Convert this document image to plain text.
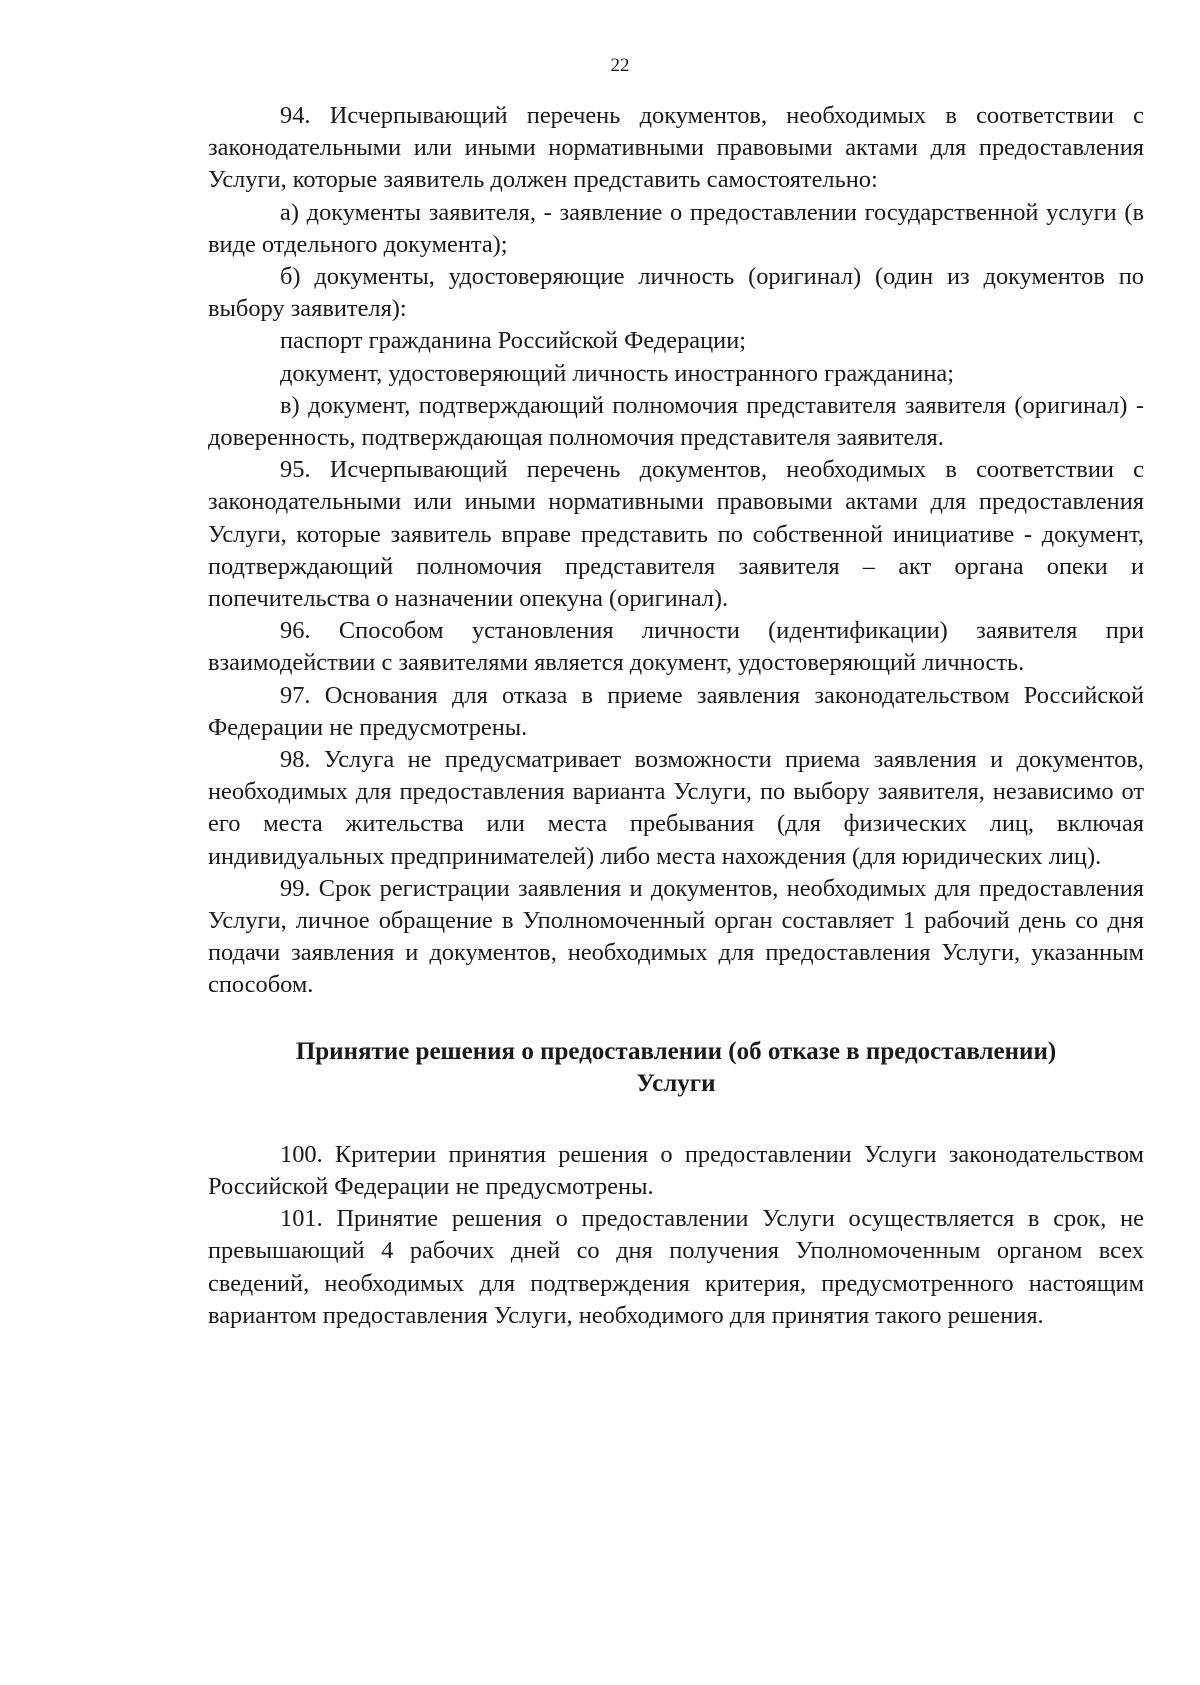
22

94. Исчерпывающий перечень документов, необходимых в соответствии с законодательными или иными нормативными правовыми актами для предоставления Услуги, которые заявитель должен представить самостоятельно:

а) документы заявителя, - заявление о предоставлении государственной услуги (в виде отдельного документа);

б) документы, удостоверяющие личность (оригинал) (один из документов по выбору заявителя):

паспорт гражданина Российской Федерации;

документ, удостоверяющий личность иностранного гражданина;

в) документ, подтверждающий полномочия представителя заявителя (оригинал) - доверенность, подтверждающая полномочия представителя заявителя.

95. Исчерпывающий перечень документов, необходимых в соответствии с законодательными или иными нормативными правовыми актами для предоставления Услуги, которые заявитель вправе представить по собственной инициативе - документ, подтверждающий полномочия представителя заявителя – акт органа опеки и попечительства о назначении опекуна (оригинал).

96. Способом установления личности (идентификации) заявителя при взаимодействии с заявителями является документ, удостоверяющий личность.

97. Основания для отказа в приеме заявления законодательством Российской Федерации не предусмотрены.

98. Услуга не предусматривает возможности приема заявления и документов, необходимых для предоставления варианта Услуги, по выбору заявителя, независимо от его места жительства или места пребывания (для физических лиц, включая индивидуальных предпринимателей) либо места нахождения (для юридических лиц).

99. Срок регистрации заявления и документов, необходимых для предоставления Услуги, личное обращение в Уполномоченный орган составляет 1 рабочий день со дня подачи заявления и документов, необходимых для предоставления Услуги, указанным способом.

Принятие решения о предоставлении (об отказе в предоставлении)
Услуги

100. Критерии принятия решения о предоставлении Услуги законодательством Российской Федерации не предусмотрены.

101. Принятие решения о предоставлении Услуги осуществляется в срок, не превышающий 4 рабочих дней со дня получения Уполномоченным органом всех сведений, необходимых для подтверждения критерия, предусмотренного настоящим вариантом предоставления Услуги, необходимого для принятия такого решения.
